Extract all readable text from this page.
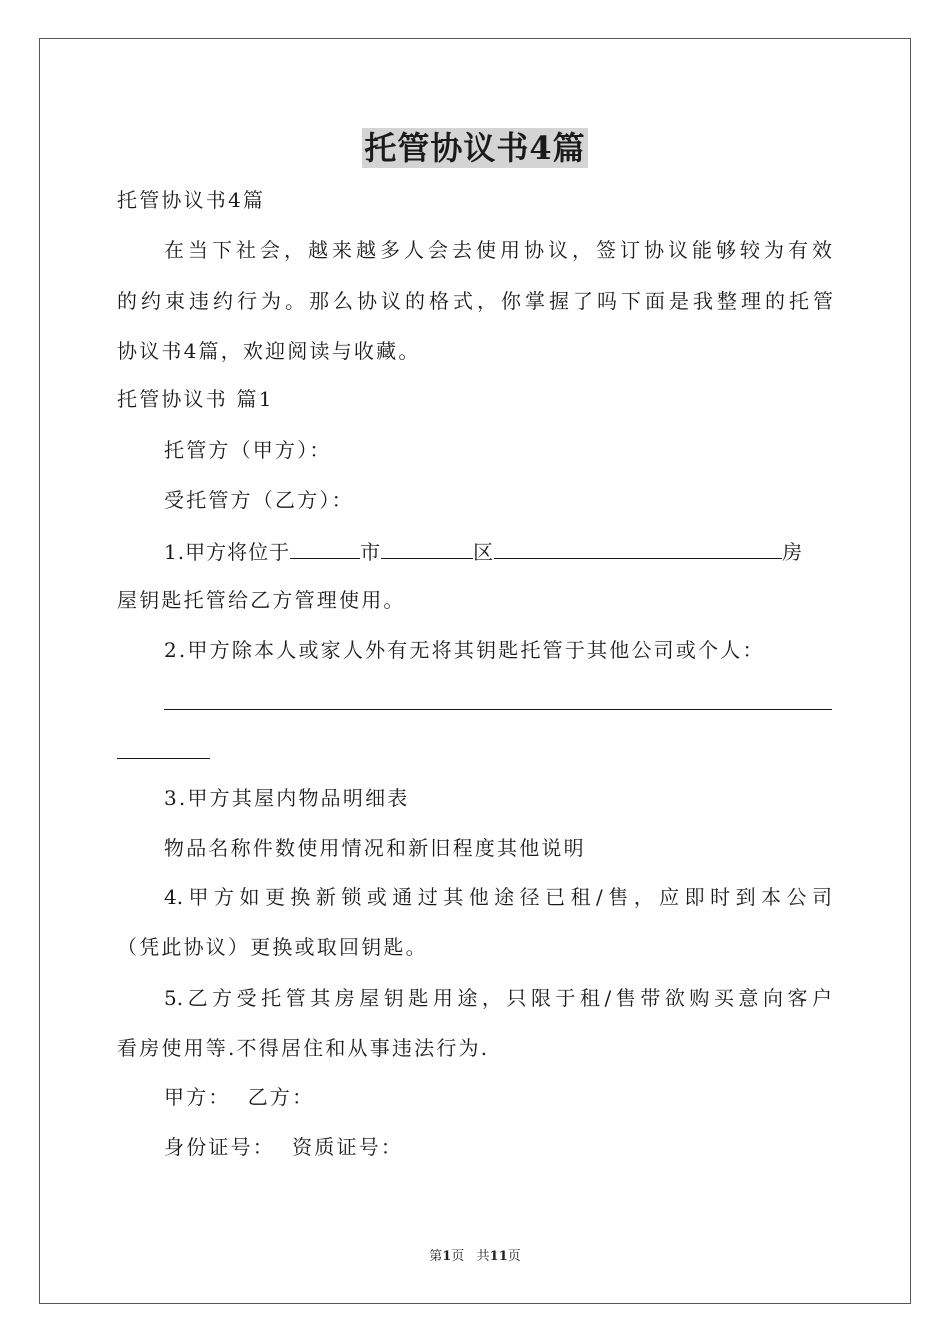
托管协议书4篇
托管协议书4篇
在当下社会，越来越多人会去使用协议，签订协议能够较为有效
的约束违约行为。那么协议的格式，你掌握了吗下面是我整理的托管
协议书4篇，欢迎阅读与收藏。
托管协议书 篇1
托管方（甲方）：
受托管方（乙方）：
1.甲方将位于	市	区	房
屋钥匙托管给乙方管理使用。
2.甲方除本人或家人外有无将其钥匙托管于其他公司或个人：
3.甲方其屋内物品明细表
物品名称件数使用情况和新旧程度其他说明
4.甲方如更换新锁或通过其他途径已租/售，应即时到本公司
（凭此协议）更换或取回钥匙。
5.乙方受托管其房屋钥匙用途，只限于租/售带欲购买意向客户
看房使用等.不得居住和从事违法行为.
甲方：  乙方：
身份证号：  资质证号：
第1页   共11页
